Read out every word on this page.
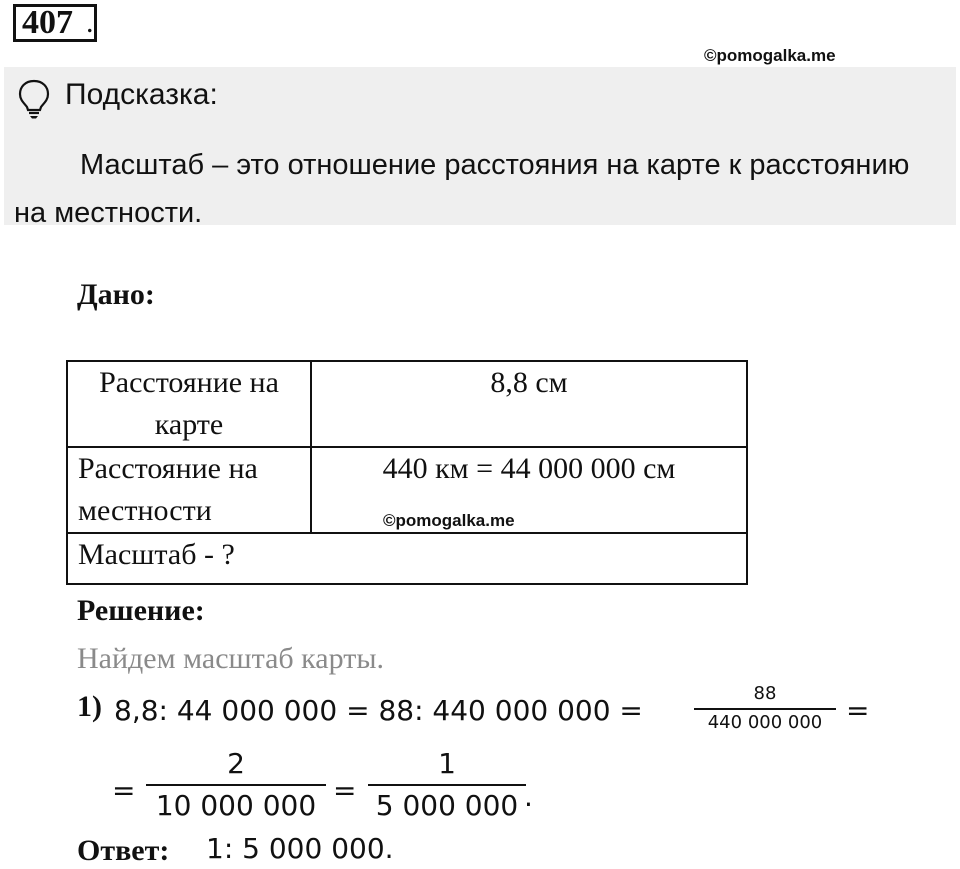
407 .
©pomogalka.me
Подсказка:
Масштаб – это отношение расстояния на карте к расстоянию на местности.
Дано:
Расстояние на карте	8,8 см
Расстояние на местности	440 км = 44 000 000 см
Масштаб - ?	
©pomogalka.me
Решение:
Найдем масштаб карты.
1) 8,8: 44 000 000 = 88: 440 000 000 =
88
440 000 000 =
=
2
10 000 000 =
1
5 000 000 .
Ответ: 1: 5 000 000.
